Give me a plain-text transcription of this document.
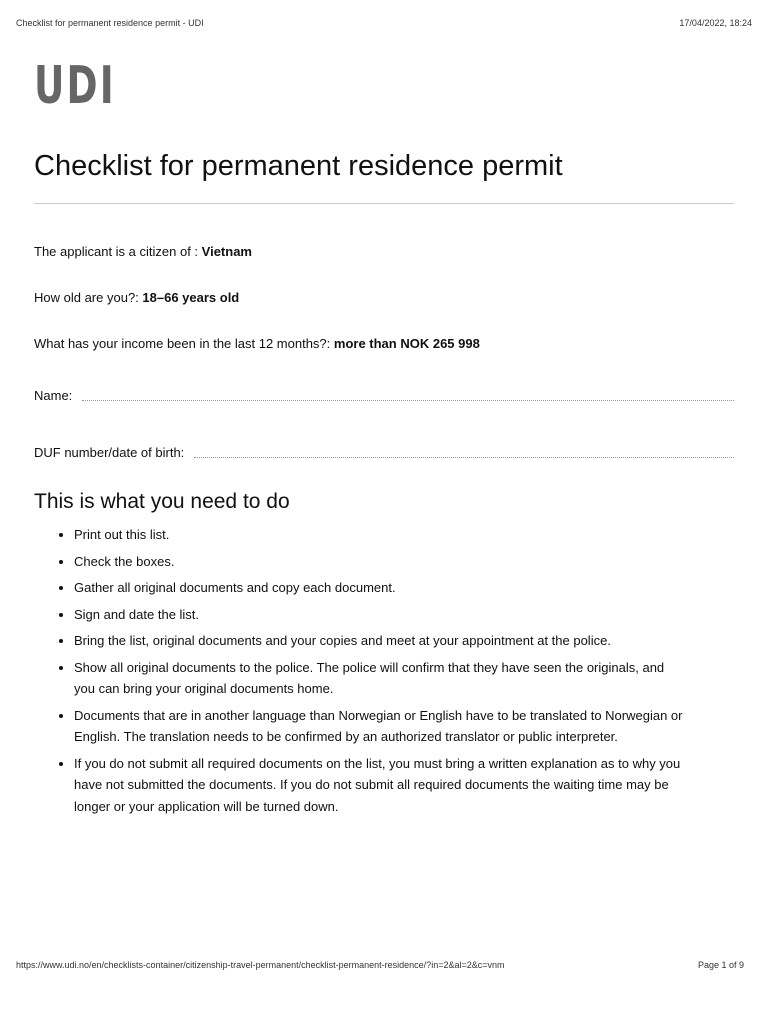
Checklist for permanent residence permit - UDI	17/04/2022, 18:24
UDI
Checklist for permanent residence permit
The applicant is a citizen of : Vietnam
How old are you?: 18–66 years old
What has your income been in the last 12 months?: more than NOK 265 998
Name:
DUF number/date of birth:
This is what you need to do
• Print out this list.
• Check the boxes.
• Gather all original documents and copy each document.
• Sign and date the list.
• Bring the list, original documents and your copies and meet at your appointment at the police.
• Show all original documents to the police. The police will confirm that they have seen the originals, and you can bring your original documents home.
• Documents that are in another language than Norwegian or English have to be translated to Norwegian or English. The translation needs to be confirmed by an authorized translator or public interpreter.
• If you do not submit all required documents on the list, you must bring a written explanation as to why you have not submitted the documents. If you do not submit all required documents the waiting time may be longer or your application will be turned down.
https://www.udi.no/en/checklists-container/citizenship-travel-permanent/checklist-permanent-residence/?in=2&al=2&c=vnm	Page 1 of 9
